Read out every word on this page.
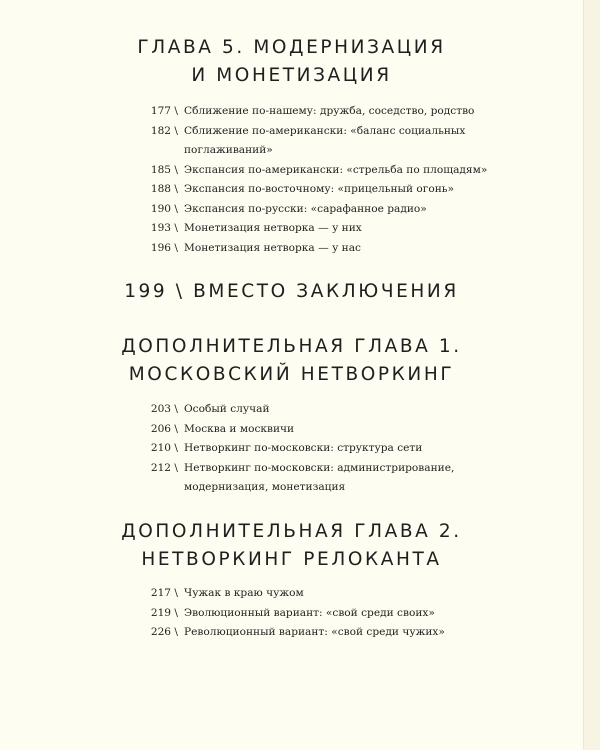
ГЛАВА 5. МОДЕРНИЗАЦИЯ
И МОНЕТИЗАЦИЯ
177 \ Сближение по-нашему: дружба, соседство, родство
182 \ Сближение по-американски: «баланс социальных поглаживаний»
185 \ Экспансия по-американски: «стрельба по площадям»
188 \ Экспансия по-восточному: «прицельный огонь»
190 \ Экспансия по-русски: «сарафанное радио»
193 \ Монетизация нетворка — у них
196 \ Монетизация нетворка — у нас
199 \ ВМЕСТО ЗАКЛЮЧЕНИЯ
ДОПОЛНИТЕЛЬНАЯ ГЛАВА 1.
МОСКОВСКИЙ НЕТВОРКИНГ
203 \ Особый случай
206 \ Москва и москвичи
210 \ Нетворкинг по-московски: структура сети
212 \ Нетворкинг по-московски: администрирование, модернизация, монетизация
ДОПОЛНИТЕЛЬНАЯ ГЛАВА 2.
НЕТВОРКИНГ РЕЛОКАНТА
217 \ Чужак в краю чужом
219 \ Эволюционный вариант: «свой среди своих»
226 \ Революционный вариант: «свой среди чужих»
